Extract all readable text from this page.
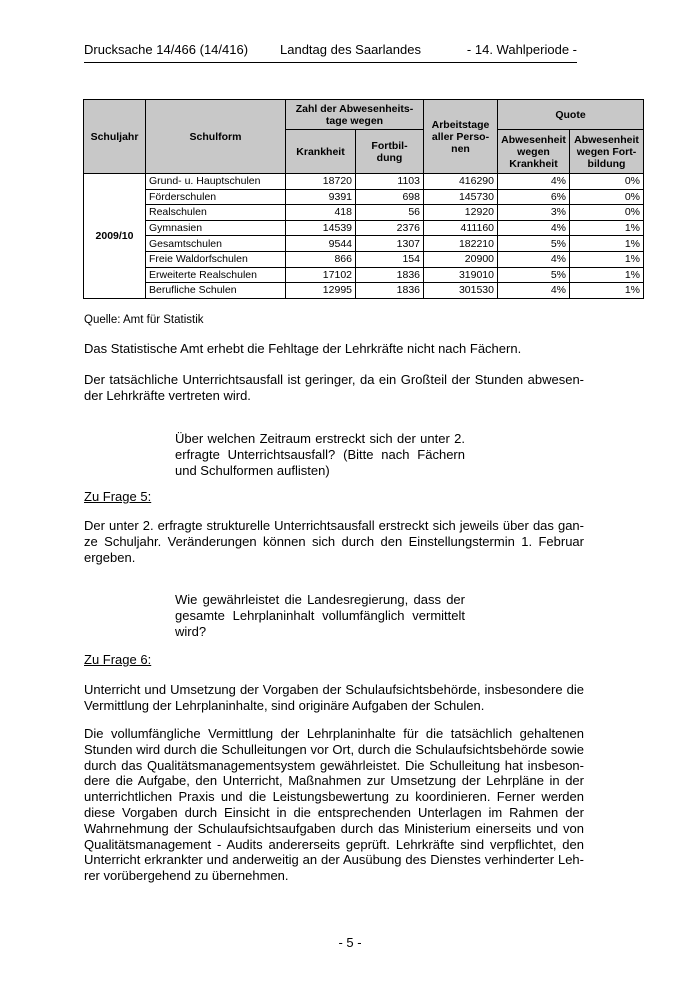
Drucksache 14/466 (14/416) Landtag des Saarlandes	- 14. Wahlperiode -
Schuljahr	Schulform	Zahl der Abwesenheits-tage wegen		Arbeitstage aller Perso-nen	Quote	
		Krankheit	Fortbil-dung		Abwesenheit wegen Krankheit	Abwesenheit wegen Fort-bildung
2009/10	Grund- u. Hauptschulen	18720	1103	416290	4%	0%
	Förderschulen	9391	698	145730	6%	0%
	Realschulen	418	56	12920	3%	0%
	Gymnasien	14539	2376	411160	4%	1%
	Gesamtschulen	9544	1307	182210	5%	1%
	Freie Waldorfschulen	866	154	20900	4%	1%
	Erweiterte Realschulen	17102	1836	319010	5%	1%
	Berufliche Schulen	12995	1836	301530	4%	1%

Quelle: Amt für Statistik

Das Statistische Amt erhebt die Fehltage der Lehrkräfte nicht nach Fächern.

Der tatsächliche Unterrichtsausfall ist geringer, da ein Großteil der Stunden abwesen-der Lehrkräfte vertreten wird.

Über welchen Zeitraum erstreckt sich der unter 2. erfragte Unterrichtsausfall? (Bitte nach Fächern und Schulformen auflisten)

Zu Frage 5:

Der unter 2. erfragte strukturelle Unterrichtsausfall erstreckt sich jeweils über das gan-ze Schuljahr. Veränderungen können sich durch den Einstellungstermin 1. Februar ergeben.

Wie gewährleistet die Landesregierung, dass der gesamte Lehrplaninhalt vollumfänglich vermittelt wird?

Zu Frage 6:

Unterricht und Umsetzung der Vorgaben der Schulaufsichtsbehörde, insbesondere die Vermittlung der Lehrplaninhalte, sind originäre Aufgaben der Schulen.

Die vollumfängliche Vermittlung der Lehrplaninhalte für die tatsächlich gehaltenen Stunden wird durch die Schulleitungen vor Ort, durch die Schulaufsichtsbehörde sowie durch das Qualitätsmanagementsystem gewährleistet. Die Schulleitung hat insbeson-dere die Aufgabe, den Unterricht, Maßnahmen zur Umsetzung der Lehrpläne in der unterrichtlichen Praxis und die Leistungsbewertung zu koordinieren. Ferner werden diese Vorgaben durch Einsicht in die entsprechenden Unterlagen im Rahmen der Wahrnehmung der Schulaufsichtsaufgaben durch das Ministerium einerseits und von Qualitätsmanagement - Audits andererseits geprüft. Lehrkräfte sind verpflichtet, den Unterricht erkrankter und anderweitig an der Ausübung des Dienstes verhinderter Leh-rer vorübergehend zu übernehmen.

- 5 -
